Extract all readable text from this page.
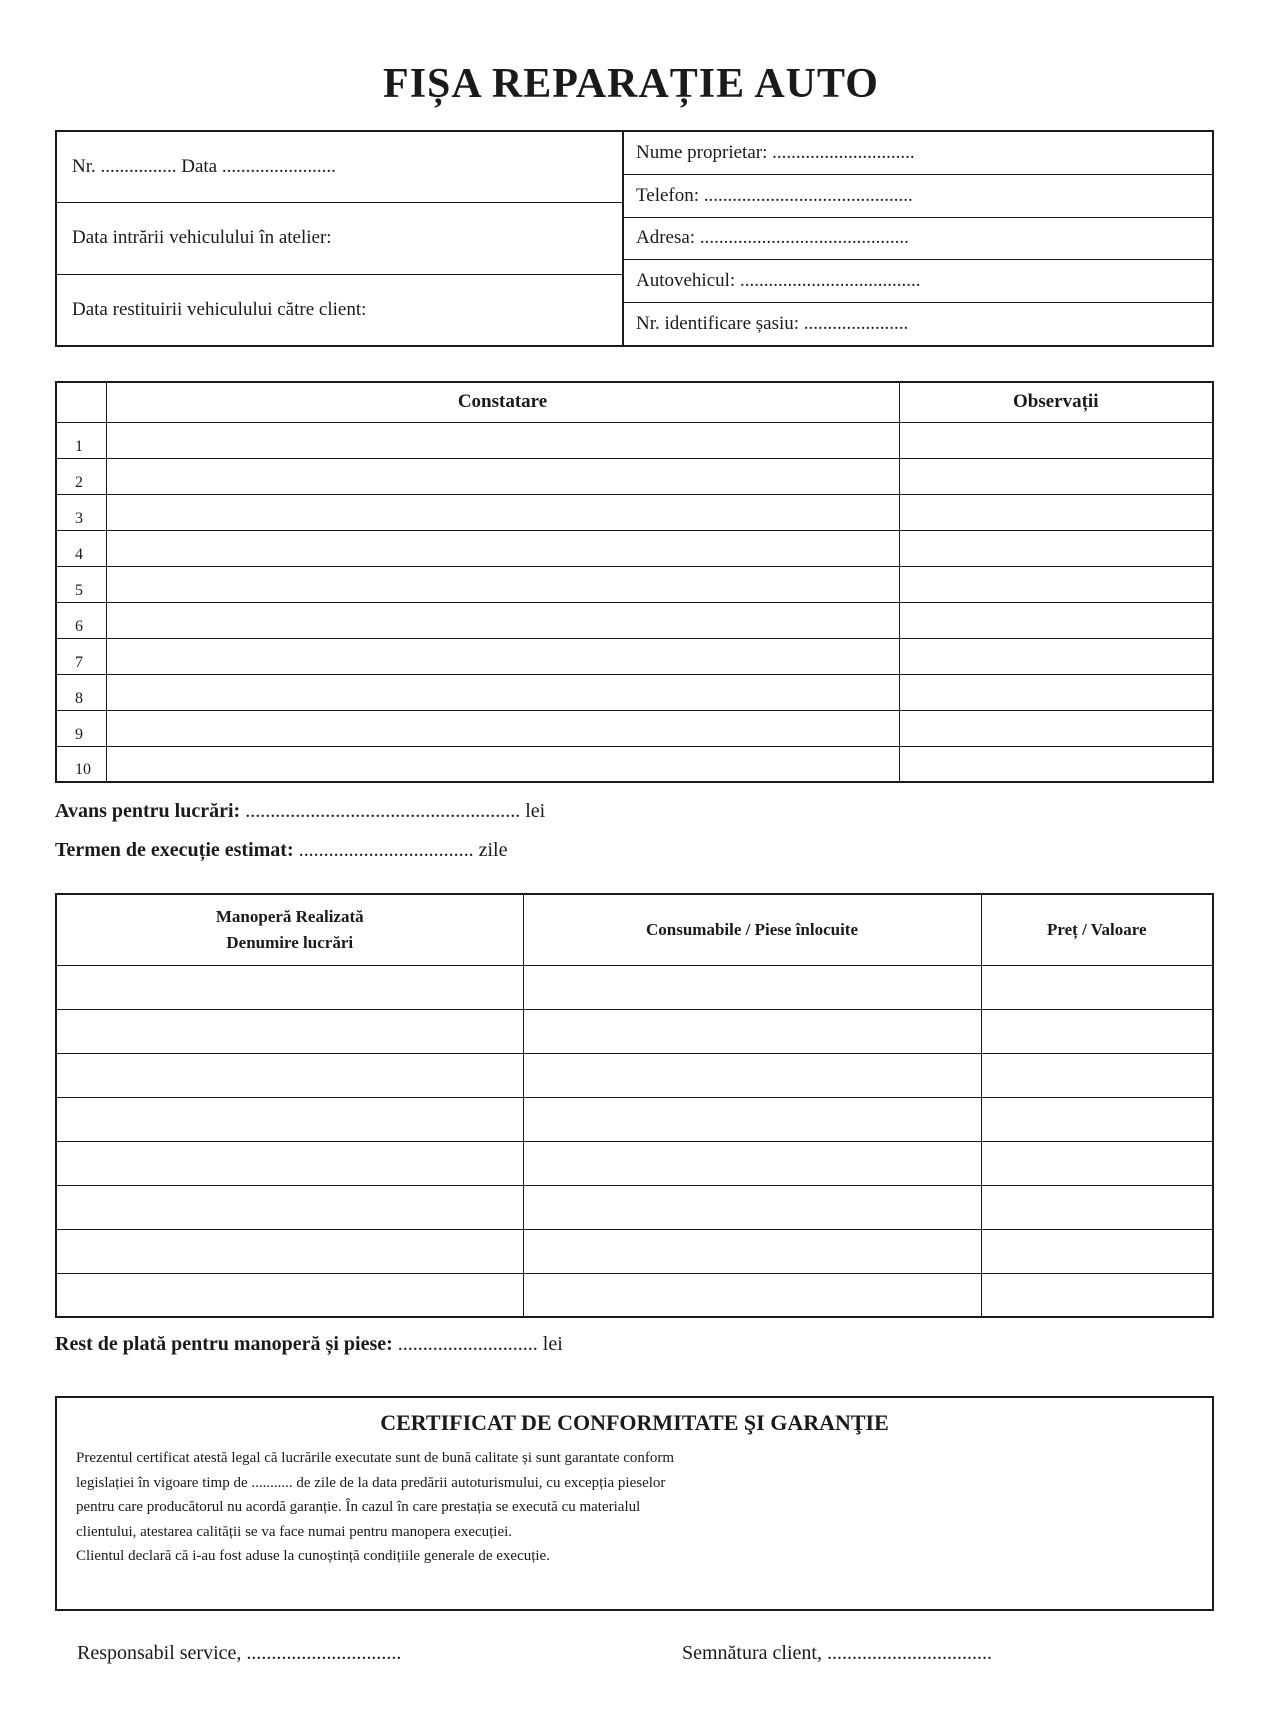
FIȘA REPARAȚIE AUTO
Nr. ................ Data ........................
Data intrării vehiculului în atelier:
Data restituirii vehiculului către client:
Nume proprietar: ..............................
Telefon: ............................................
Adresa: ............................................
Autovehicul: ......................................
Nr. identificare șasiu: ......................
	Constatare	Observații
1		
2		
3		
4		
5		
6		
7		
8		
9		
10		
Avans pentru lucrări: ....................................................... lei
Termen de execuție estimat: ................................... zile
Manoperă Realizată
Denumire lucrări	Consumabile / Piese înlocuite	Preț / Valoare

Rest de plată pentru manoperă și piese: ............................ lei
CERTIFICAT DE CONFORMITATE ŞI GARANŢIE

Prezentul certificat atestă legal că lucrările executate sunt de bună calitate și sunt garantate conform

legislației în vigoare timp de ........... de zile de la data predării autoturismului, cu excepția pieselor

pentru care producătorul nu acordă garanție. În cazul în care prestația se execută cu materialul

clientului, atestarea calității se va face numai pentru manopera execuției.

Clientul declară că i-au fost aduse la cunoștință condițiile generale de execuție.

Responsabil service, ...............................	Semnătura client, .................................
